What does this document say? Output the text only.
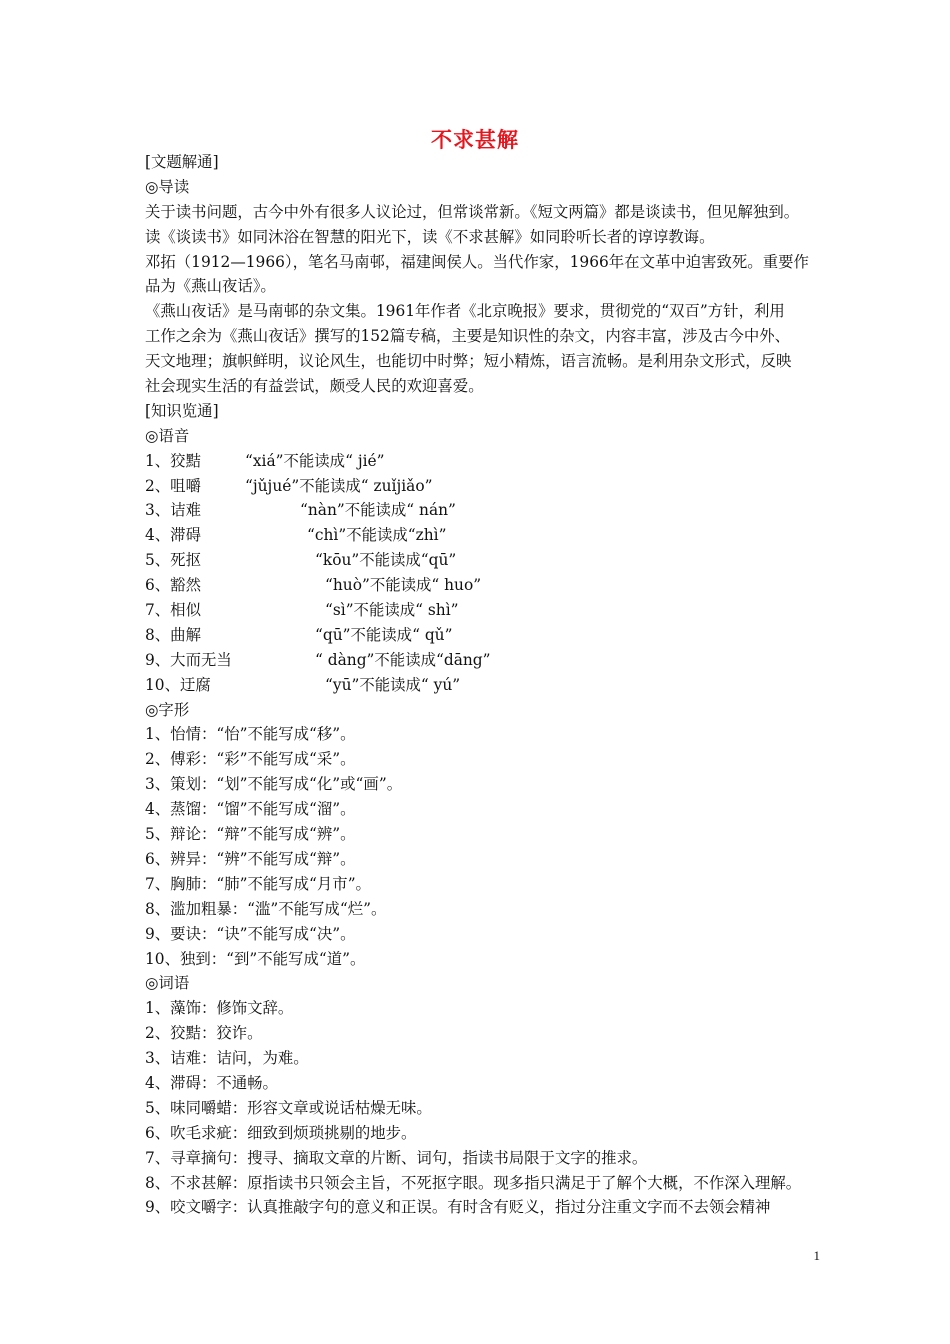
不求甚解
[文题解通]
◎导读
关于读书问题，古今中外有很多人议论过，但常谈常新。《短文两篇》都是谈读书，但见解独到。
读《谈读书》如同沐浴在智慧的阳光下，读《不求甚解》如同聆听长者的谆谆教诲。
邓拓（1912—1966），笔名马南邨，福建闽侯人。当代作家，1966年在文革中迫害致死。重要作
品为《燕山夜话》。
《燕山夜话》是马南邨的杂文集。1961年作者《北京晚报》要求，贯彻党的“双百”方针，利用
工作之余为《燕山夜话》撰写的152篇专稿，主要是知识性的杂文，内容丰富，涉及古今中外、
天文地理；旗帜鲜明，议论风生，也能切中时弊；短小精炼，语言流畅。是利用杂文形式，反映
社会现实生活的有益尝试，颇受人民的欢迎喜爱。
[知识览通]
◎语音
1、狡黠	“xiá”不能读成“ jié”
2、咀嚼	“jǔjué”不能读成“ zuǐjiǎo”
3、诘难	“nàn”不能读成“ nán”
4、滞碍	“chì”不能读成“zhì”
5、死抠	“kōu”不能读成“qū”
6、豁然	“huò”不能读成“ huo”
7、相似	“sì”不能读成“ shì”
8、曲解	“qū”不能读成“ qǔ”
9、大而无当	“ dàng”不能读成“dāng”
10、迂腐	“yū”不能读成“ yú”
◎字形
1、怡情：“怡”不能写成“移”。
2、傅彩：“彩”不能写成“采”。
3、策划：“划”不能写成“化”或“画”。
4、蒸馏：“馏”不能写成“溜”。
5、辩论：“辩”不能写成“辨”。
6、辨异：“辨”不能写成“辩”。
7、胸肺：“肺”不能写成“月市”。
8、滥加粗暴：“滥”不能写成“烂”。
9、要诀：“诀”不能写成“决”。
10、独到：“到”不能写成“道”。
◎词语
1、藻饰：修饰文辞。
2、狡黠：狡诈。
3、诘难：诘问，为难。
4、滞碍：不通畅。
5、味同嚼蜡：形容文章或说话枯燥无味。
6、吹毛求疵：细致到烦琐挑剔的地步。
7、寻章摘句：搜寻、摘取文章的片断、词句，指读书局限于文字的推求。
8、不求甚解：原指读书只领会主旨，不死抠字眼。现多指只满足于了解个大概，不作深入理解。
9、咬文嚼字：认真推敲字句的意义和正误。有时含有贬义，指过分注重文字而不去领会精神
1
